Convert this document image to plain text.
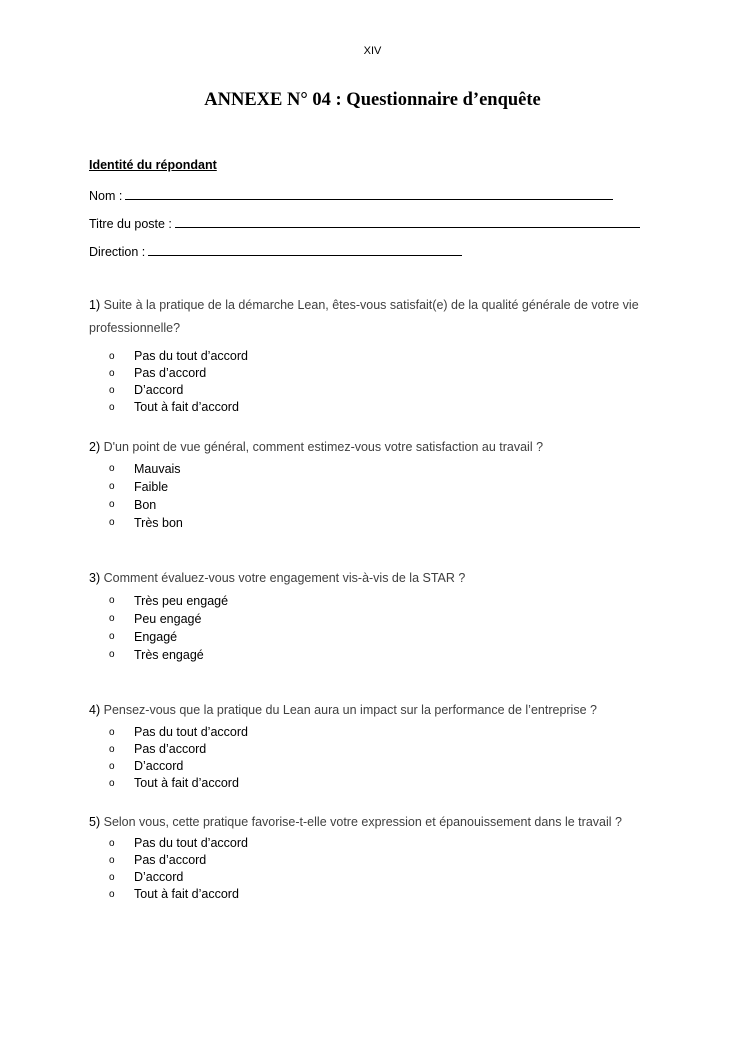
XIV
ANNEXE N° 04 : Questionnaire d’enquête
Identité du répondant
Nom :
Titre du poste :
Direction :
1) Suite à la pratique de la démarche Lean, êtes-vous satisfait(e) de la qualité générale de votre vie professionnelle?
o	Pas du tout d’accord
o	Pas d’accord
o	D’accord
o	Tout à fait d’accord
2) D'un point de vue général, comment estimez-vous votre satisfaction au travail ?
o	Mauvais
o	Faible
o	Bon
o	Très bon
3) Comment évaluez-vous votre engagement vis-à-vis de la STAR ?
o	Très peu engagé
o	Peu engagé
o	Engagé
o	Très engagé
4) Pensez-vous que la pratique du Lean aura un impact sur la performance de l’entreprise ?
o	Pas du tout d’accord
o	Pas d’accord
o	D’accord
o	Tout à fait d’accord
5) Selon vous, cette pratique favorise-t-elle votre expression et épanouissement dans le travail ?
o	Pas du tout d’accord
o	Pas d’accord
o	D’accord
o	Tout à fait d’accord
